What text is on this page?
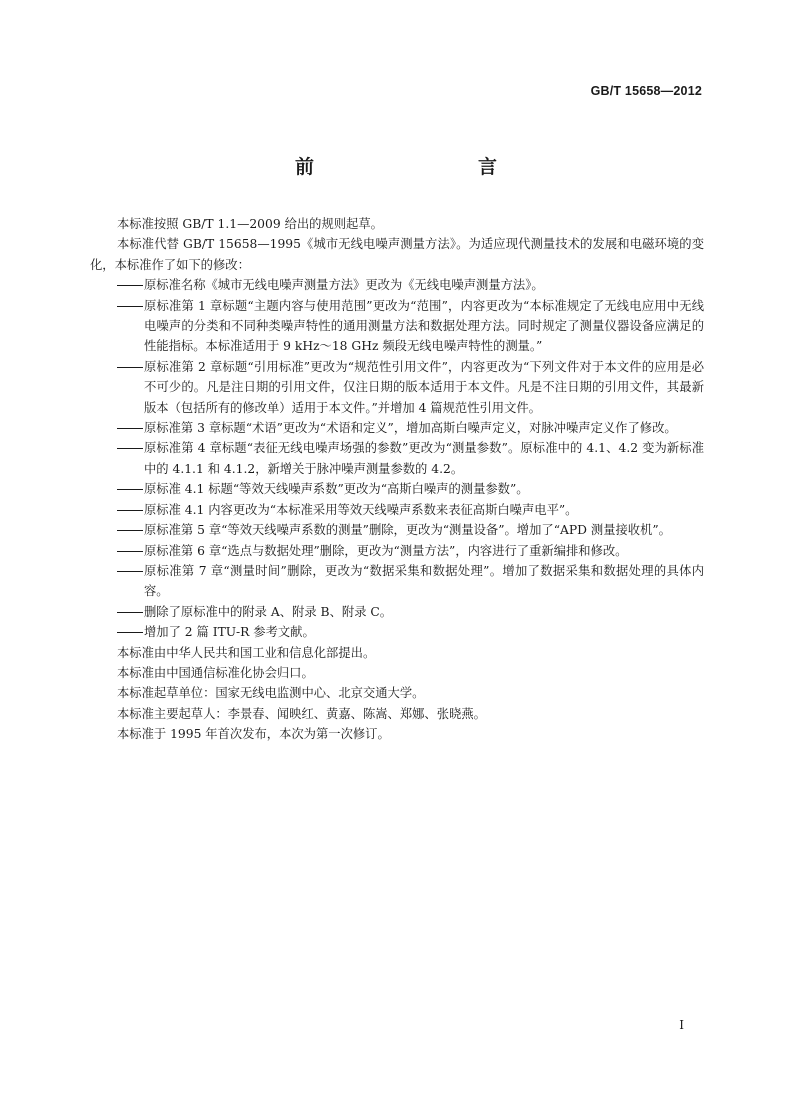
GB/T 15658—2012
前　　言

本标准按照 GB/T 1.1—2009 给出的规则起草。

本标准代替 GB/T 15658—1995《城市无线电噪声测量方法》。为适应现代测量技术的发展和电磁环境的变化，本标准作了如下的修改：

原标准名称《城市无线电噪声测量方法》更改为《无线电噪声测量方法》。

原标准第 1 章标题“主题内容与使用范围”更改为“范围”，内容更改为“本标准规定了无线电应用中无线电噪声的分类和不同种类噪声特性的通用测量方法和数据处理方法。同时规定了测量仪器设备应满足的性能指标。本标准适用于 9 kHz～18 GHz 频段无线电噪声特性的测量。”

原标准第 2 章标题“引用标准”更改为“规范性引用文件”，内容更改为“下列文件对于本文件的应用是必不可少的。凡是注日期的引用文件，仅注日期的版本适用于本文件。凡是不注日期的引用文件，其最新版本（包括所有的修改单）适用于本文件。”并增加 4 篇规范性引用文件。

原标准第 3 章标题“术语”更改为“术语和定义”，增加高斯白噪声定义，对脉冲噪声定义作了修改。

原标准第 4 章标题“表征无线电噪声场强的参数”更改为“测量参数”。原标准中的 4.1、4.2 变为新标准中的 4.1.1 和 4.1.2，新增关于脉冲噪声测量参数的 4.2。

原标准 4.1 标题“等效天线噪声系数”更改为“高斯白噪声的测量参数”。

原标准 4.1 内容更改为“本标准采用等效天线噪声系数来表征高斯白噪声电平”。

原标准第 5 章“等效天线噪声系数的测量”删除，更改为“测量设备”。增加了“APD 测量接收机”。

原标准第 6 章“选点与数据处理”删除，更改为“测量方法”，内容进行了重新编排和修改。

原标准第 7 章“测量时间”删除，更改为“数据采集和数据处理”。增加了数据采集和数据处理的具体内容。

删除了原标准中的附录 A、附录 B、附录 C。

增加了 2 篇 ITU-R 参考文献。

本标准由中华人民共和国工业和信息化部提出。

本标准由中国通信标准化协会归口。

本标准起草单位：国家无线电监测中心、北京交通大学。

本标准主要起草人：李景春、闻映红、黄嘉、陈嵩、郑娜、张晓燕。

本标准于 1995 年首次发布，本次为第一次修订。

I
